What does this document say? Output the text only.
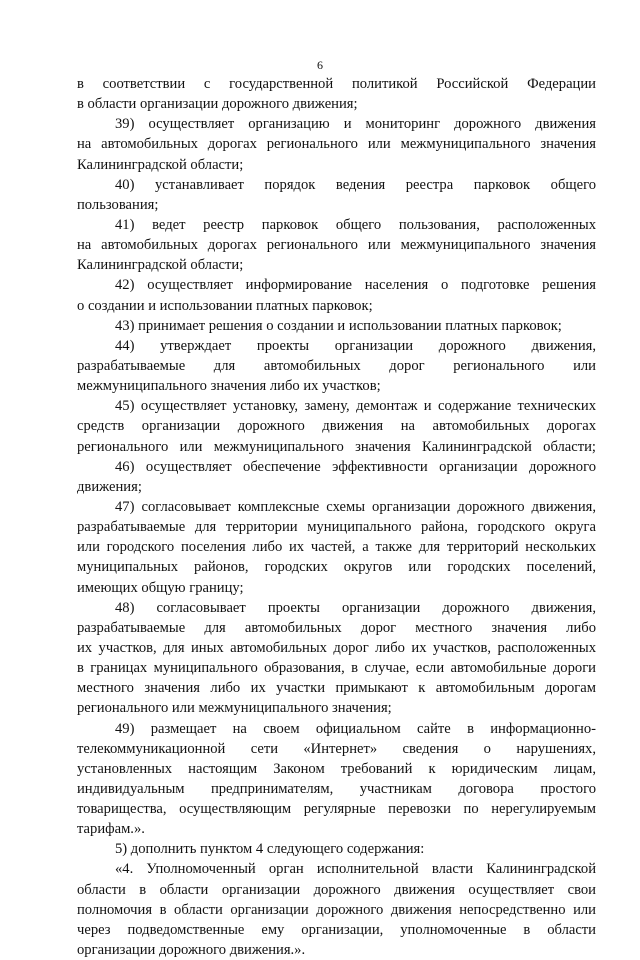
6
в соответствии с государственной политикой Российской Федерации
в области организации дорожного движения;
39) осуществляет организацию и мониторинг дорожного движения
на автомобильных дорогах регионального или межмуниципального значения
Калининградской области;
40) устанавливает порядок ведения реестра парковок общего
пользования;
41) ведет реестр парковок общего пользования, расположенных
на автомобильных дорогах регионального или межмуниципального значения
Калининградской области;
42) осуществляет информирование населения о подготовке решения
о создании и использовании платных парковок;
43) принимает решения о создании и использовании платных парковок;
44) утверждает проекты организации дорожного движения,
разрабатываемые для автомобильных дорог регионального или
межмуниципального значения либо их участков;
45) осуществляет установку, замену, демонтаж и содержание технических
средств организации дорожного движения на автомобильных дорогах
регионального или межмуниципального значения Калининградской области;
46) осуществляет обеспечение эффективности организации дорожного
движения;
47) согласовывает комплексные схемы организации дорожного движения,
разрабатываемые для территории муниципального района, городского округа
или городского поселения либо их частей, а также для территорий нескольких
муниципальных районов, городских округов или городских поселений,
имеющих общую границу;
48) согласовывает проекты организации дорожного движения,
разрабатываемые для автомобильных дорог местного значения либо
их участков, для иных автомобильных дорог либо их участков, расположенных
в границах муниципального образования, в случае, если автомобильные дороги
местного значения либо их участки примыкают к автомобильным дорогам
регионального или межмуниципального значения;
49) размещает на своем официальном сайте в информационно-
телекоммуникационной сети «Интернет» сведения о нарушениях,
установленных настоящим Законом требований к юридическим лицам,
индивидуальным предпринимателям, участникам договора простого
товарищества, осуществляющим регулярные перевозки по нерегулируемым
тарифам.».
5) дополнить пунктом 4 следующего содержания:
«4. Уполномоченный орган исполнительной власти Калининградской
области в области организации дорожного движения осуществляет свои
полномочия в области организации дорожного движения непосредственно или
через подведомственные ему организации, уполномоченные в области
организации дорожного движения.».
